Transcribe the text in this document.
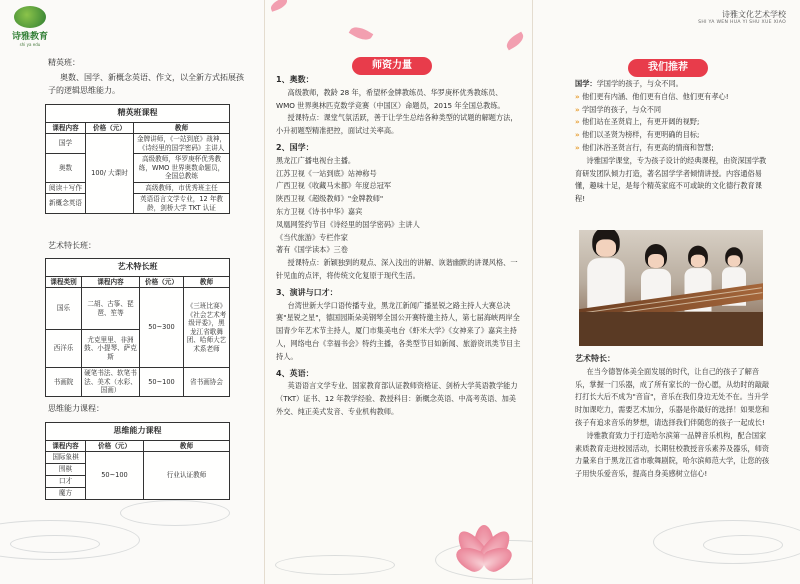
诗雅教育
shi ya edu
精英班：
奥数、国学、新概念英语、作文，以全新方式拓展孩子的逻辑思维能力。
精英班课程		
课程内容	价格（元）	教师
国学	100/ 大课时	金牌讲师，《一站到底》战神，《诗经里的国学密码》主讲人
奥数		高级教师，华罗庚杯优秀教练，WMO 世界奥数命题员，全国总教练
阅读＋写作		高级教师，市优秀班主任
新概念英语		英语语言文学专业，12 年教龄，剑桥大学 TKT 认证
艺术特长班：
艺术特长班			
课程类别	课程内容	价格（元）	教师
国乐	二胡、古筝、琵琶、笙等	50~300	《三班比赛》《社会艺术考级评委》，黑龙江省歌舞团、哈师大艺术系老师
西洋乐	尤克里里、非洲鼓、小提琴、萨克斯		
书画院	硬笔书法、软笔书法、美术（水彩、国画）	50~100	省书画协会
思维能力课程：
思维能力课程		
课程内容	价格（元）	教师
国际象棋	50~100	行业认证教师
围棋		
口才		
魔方		
师资力量
1、奥数：
高级教师，教龄 28 年，希望杯金牌教练员、华罗庚杯优秀教练员、WMO 世界奥林匹克数学竞赛（中国区）命题员，2015 年全国总教练。
授课特点：课堂气氛活跃，善于让学生总结各种类型的试题的解题方法，小升初题型精准把控，面试过关率高。
2、国学：
黑龙江广播电视台主播。
江苏卫视《一站到底》站神称号
广西卫视《收藏马未都》年度总冠军
陕西卫视《超级教师》"金牌教师"
东方卫视《诗书中华》嘉宾
凤凰网签约节目《诗经里的国学密码》主讲人
《当代旅游》专栏作家
著有《国学读本》三卷
授课特点：新颖独到的观点、深入浅出的讲解、诙谐幽默的讲课风格、一针见血的点评，将传统文化复原于现代生活。
3、演讲与口才：
台湾世新大学口语传播专业，黑龙江新闻广播星锐之路主持人大赛总决赛"星锐之星"，德国园斯朵美钢琴全国公开赛特邀主持人，第七届海峡两岸全国青少年艺术节主持人，厦门市集美电台《虾米大学》《女神来了》嘉宾主持人，网络电台《幸福书会》特约主播，各类型节目如新闻、旅游资讯类节目主持人。
4、英语：
英语语言文学专业、国家教育部认证教师资格证、剑桥大学英语教学能力（TKT）证书、12 年教学经验、教授科目：新概念英语、中高考英语、加美外交、纯正美式发音、专业机构教师。
诗雅文化艺术学校
SHI YA WEN HUA YI SHU XUE XIAO
我们推荐
国学：学国学的孩子，与众不同。
» 他们更有内涵、他们更有自信、他们更有孝心!
» 学国学的孩子，与众不同
» 他们站在圣贤肩上，有更开阔的视野;
» 他们以圣贤为榜样，有更明确的目标;
» 他们沐浴圣贤言行，有更高的情商和智慧;
诗雅国学课堂，专为孩子设计的经典课程，由资深国学教育研发团队倾力打造，著名国学学者倾情讲授。内容通俗易懂，趣味十足，是每个精英家庭不可或缺的文化德行教育课程!
艺术特长：
在当今德智体美全面发展的时代，让自己的孩子了解音乐，掌握一门乐器，成了所有家长的一份心愿，从幼时的敲敲打打长大后不成为"音盲"，音乐在我们身边无处不在。当升学时加课吃力，需要艺术加分，乐器是你最好的选择！如果您和孩子有追求音乐的梦想，请选择我们伴随您的孩子一起成长!
诗雅教育致力于打造哈尔滨第一品牌音乐机构，配合国家素质教育走进校园活动，长期驻校教授音乐素养及器乐，师资力量来自于黑龙江省市歌舞剧院，哈尔滨师范大学，让您的孩子用快乐爱音乐，提高自身美感树立信心!
